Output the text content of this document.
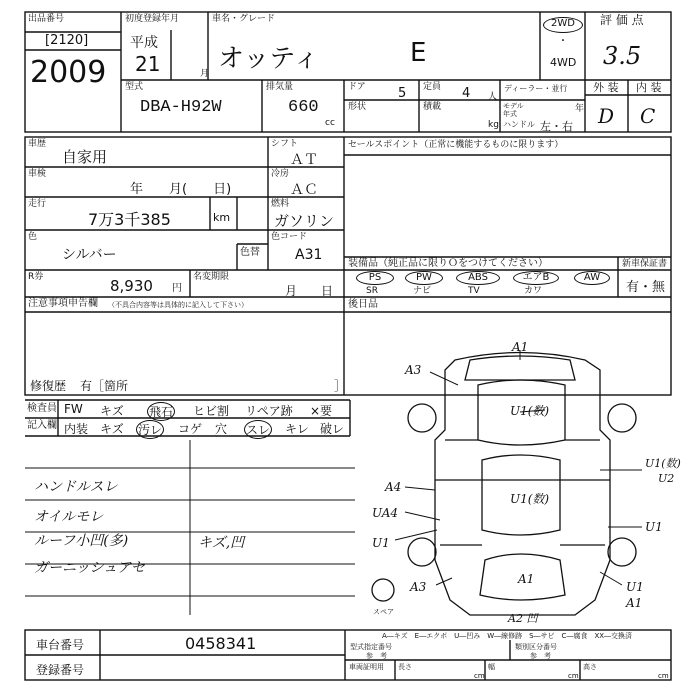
出品番号
[2120]
2009
初度登録年月
平成
21	月
車名・グレード
オッティ	E
2WD
・
4WD
評 価 点
3.5
外 装 内 装
D C
型式
DBA-H92W
排気量
660
cc
ドア 5 定員 4 人
ディーラー・並行
形状	積載
kg
モデル年式	年
ハンドル 左・右
車歴
自家用
シフト
ＡＴ
車検
年　　月(　　日)
冷房
ＡＣ
走行
7万3千385	km
燃料
ガソリン
色
シルバー	色替
色コード
A31
R券	8,930 円
名変期限
月　　日
セールスポイント（正常に機能するものに限ります）
装備品（純正品に限りＯをつけてください）
PS
SR
PW
ナビ
ABS
TV
エアB
カワ
AW
新車保証書
有・無
後日品
注意事項申告欄 （不具合内容等は具体的に記入して下さい）
修復歴 有［箇所	］
検査員
記入欄
FW キズ 飛石 ヒビ割 リペア跡 ×要
内装 キズ 汚レ コゲ 穴 スレ キレ 破レ
ハンドルスレ
オイルモレ
ルーフ小凹(多)
ガーニッシュアセ
キズ,凹
A1
A3
U1(数)
U1(数)
U1(数)
U2
A4
UA4
U1
U1
A3
A1
U1
A1
A2 凹
スペア
A―キズ　E―エクボ　U―凹み　W―線修跡　S―サビ　C―腐食　XX―交換済
車台番号	0458341
登録番号
型式指定番号
参　考
類別区分番号
参　考
車両証明用 長さ
cm
幅
cm
高さ
cm
